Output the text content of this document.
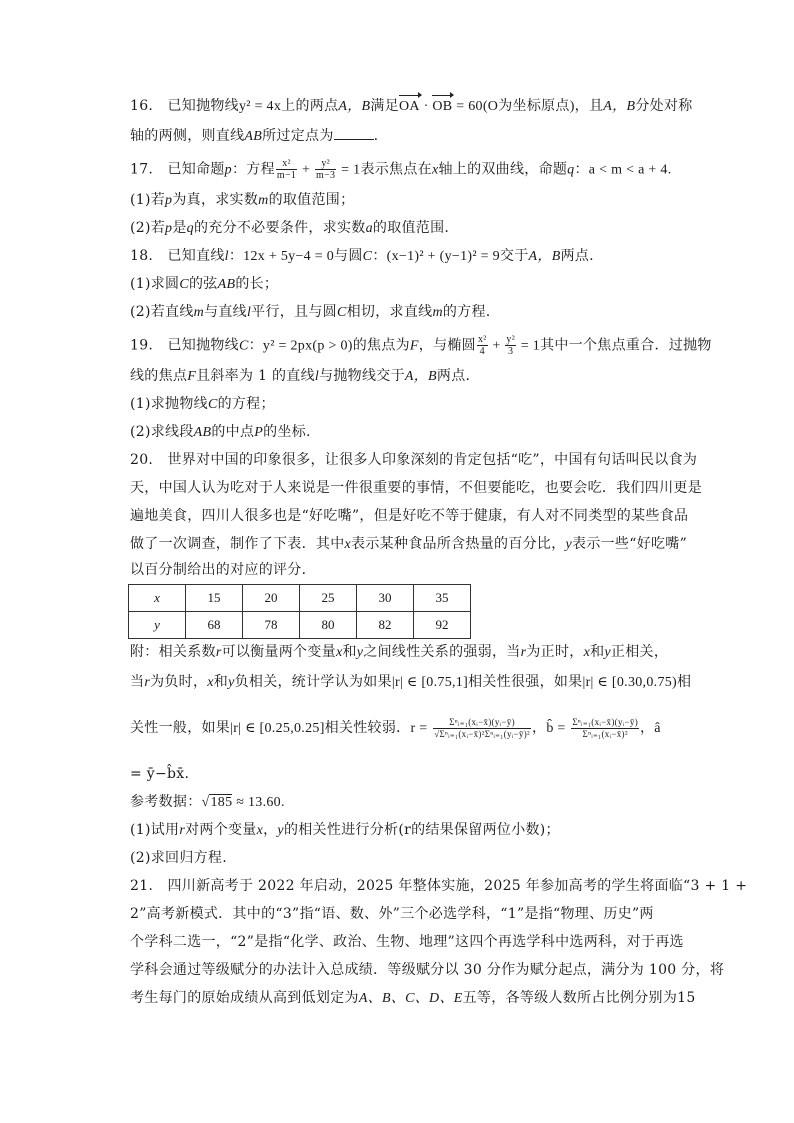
16.　已知抛物线y² = 4x上的两点A，B满足OA · OB = 60(O为坐标原点)，且A，B分处对称
轴的两侧，则直线AB所过定点为	.
17.　已知命题p：方程 $\frac{\text{x²}}{m-1} + \frac{\text{y²}}{m-3} = 1$表示焦点在x轴上的双曲线，命题q：a < m < a + 4.
(1)若p为真，求实数m的取值范围；
(2)若p是q的充分不必要条件，求实数a的取值范围.
18.　已知直线l：12x + 5y−4 = 0与圆C：(x−1)² + (y−1)² = 9交于A，B两点.
(1)求圆C的弦AB的长；
(2)若直线m与直线l平行，且与圆C相切，求直线m的方程.
19.　已知抛物线C：y² = 2px(p > 0)的焦点为F，与椭圆 $\frac{\text{x²}}{4} + \frac{\text{y²}}{3} = 1$其中一个焦点重合．过抛物
线的焦点F且斜率为 1 的直线l与抛物线交于A，B两点.
(1)求抛物线C的方程；
(2)求线段AB的中点P的坐标.
20.　世界对中国的印象很多，让很多人印象深刻的肯定包括“吃”，中国有句话叫民以食为
天，中国人认为吃对于人来说是一件很重要的事情，不但要能吃，也要会吃．我们四川更是
遍地美食，四川人很多也是“好吃嘴”，但是好吃不等于健康，有人对不同类型的某些食品
做了一次调查，制作了下表．其中x表示某种食品所含热量的百分比，y表示一些“好吃嘴”
以百分制给出的对应的评分．
x	15	20	25	30	35
y	68	78	80	82	92
附：相关系数r可以衡量两个变量x和y之间线性关系的强弱，当r为正时，x和y正相关，
当r为负时，x和y负相关，统计学认为如果|r| ∈ [0.75,1]相关性很强，如果|r| ∈ [0.30,0.75)相
关性一般，如果|r| ∈ [0.25,0.25]相关性较弱．$r = \frac{\text{Σⁿᵢ₌₁(xᵢ−x̄)(yᵢ−ȳ)}}{\text{√Σⁿᵢ₌₁(xᵢ−x̄)²Σⁿᵢ₌₁(yᵢ−ȳ)²}}$ ，b̂ = $\frac{\text{Σⁿᵢ₌₁(xᵢ−x̄)(yᵢ−ȳ)}}{\text{Σⁿᵢ₌₁(xᵢ−x̄)²}}$ ，â
= ȳ−b̂x̄.
参考数据：√185 ≈ 13.60.
(1)试用r对两个变量x，y的相关性进行分析(r的结果保留两位小数)；
(2)求回归方程.
21.　四川新高考于 2022 年启动，2025 年整体实施，2025 年参加高考的学生将面临“3 + 1 +
2”高考新模式．其中的“3”指“语、数、外”三个必选学科，“1”是指“物理、历史”两
个学科二选一，“2”是指“化学、政治、生物、地理”这四个再选学科中选两科，对于再选
学科会通过等级赋分的办法计入总成绩．等级赋分以 30 分作为赋分起点，满分为 100 分，将
考生每门的原始成绩从高到低划定为A、B、C、D、E五等，各等级人数所占比例分别为15
